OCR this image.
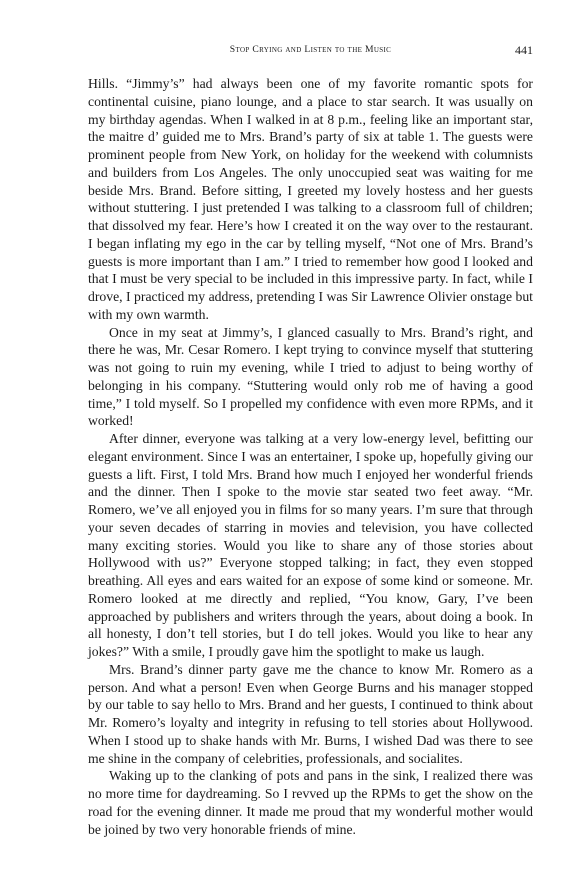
Stop Crying and Listen to the Music	441

Hills. “Jimmy’s” had always been one of my favorite romantic spots for continental cuisine, piano lounge, and a place to star search. It was usually on my birthday agendas. When I walked in at 8 p.m., feeling like an important star, the maitre d’ guided me to Mrs. Brand’s party of six at table 1. The guests were prominent people from New York, on holiday for the weekend with columnists and builders from Los Angeles. The only unoccupied seat was waiting for me beside Mrs. Brand. Before sitting, I greeted my lovely hostess and her guests without stuttering. I just pretended I was talking to a classroom full of children; that dissolved my fear. Here’s how I created it on the way over to the restaurant. I began inflating my ego in the car by telling myself, “Not one of Mrs. Brand’s guests is more important than I am.” I tried to remember how good I looked and that I must be very special to be included in this impressive party. In fact, while I drove, I practiced my address, pretending I was Sir Lawrence Olivier onstage but with my own warmth.

Once in my seat at Jimmy’s, I glanced casually to Mrs. Brand’s right, and there he was, Mr. Cesar Romero. I kept trying to convince myself that stuttering was not going to ruin my evening, while I tried to adjust to being worthy of belonging in his company. “Stuttering would only rob me of having a good time,” I told myself. So I propelled my confidence with even more RPMs, and it worked!

After dinner, everyone was talking at a very low-energy level, befitting our elegant environment. Since I was an entertainer, I spoke up, hopefully giving our guests a lift. First, I told Mrs. Brand how much I enjoyed her wonderful friends and the dinner. Then I spoke to the movie star seated two feet away. “Mr. Romero, we’ve all enjoyed you in films for so many years. I’m sure that through your seven decades of starring in movies and television, you have collected many exciting stories. Would you like to share any of those stories about Hollywood with us?” Everyone stopped talking; in fact, they even stopped breathing. All eyes and ears waited for an expose of some kind or someone. Mr. Romero looked at me directly and replied, “You know, Gary, I’ve been approached by publishers and writers through the years, about doing a book. In all honesty, I don’t tell stories, but I do tell jokes. Would you like to hear any jokes?” With a smile, I proudly gave him the spotlight to make us laugh.

Mrs. Brand’s dinner party gave me the chance to know Mr. Romero as a person. And what a person! Even when George Burns and his manager stopped by our table to say hello to Mrs. Brand and her guests, I continued to think about Mr. Romero’s loyalty and integrity in refusing to tell stories about Hollywood. When I stood up to shake hands with Mr. Burns, I wished Dad was there to see me shine in the company of celebrities, professionals, and socialites.

Waking up to the clanking of pots and pans in the sink, I realized there was no more time for daydreaming. So I revved up the RPMs to get the show on the road for the evening dinner. It made me proud that my wonderful mother would be joined by two very honorable friends of mine.
